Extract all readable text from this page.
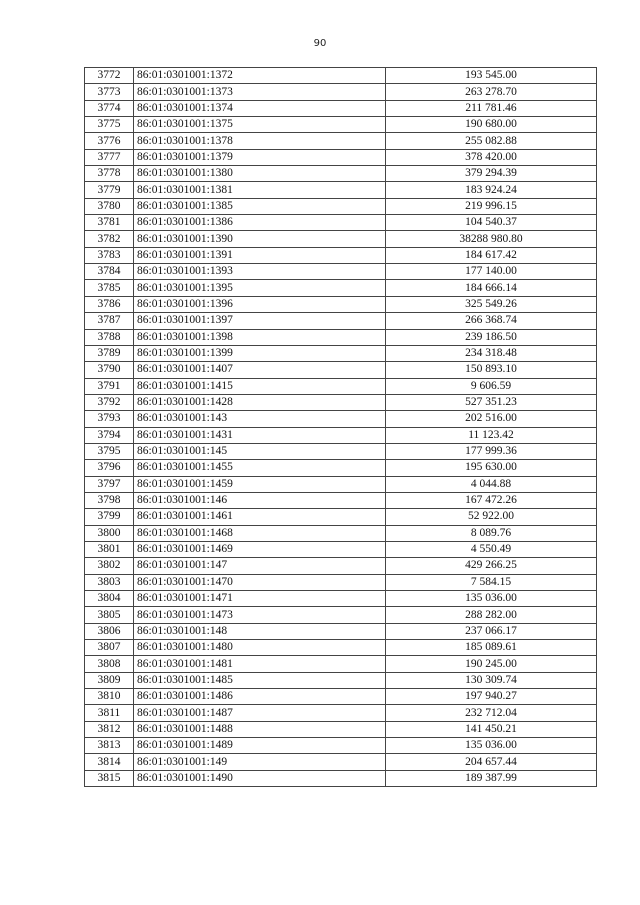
90
3772	86:01:0301001:1372	193 545.00
3773	86:01:0301001:1373	263 278.70
3774	86:01:0301001:1374	211 781.46
3775	86:01:0301001:1375	190 680.00
3776	86:01:0301001:1378	255 082.88
3777	86:01:0301001:1379	378 420.00
3778	86:01:0301001:1380	379 294.39
3779	86:01:0301001:1381	183 924.24
3780	86:01:0301001:1385	219 996.15
3781	86:01:0301001:1386	104 540.37
3782	86:01:0301001:1390	38288 980.80
3783	86:01:0301001:1391	184 617.42
3784	86:01:0301001:1393	177 140.00
3785	86:01:0301001:1395	184 666.14
3786	86:01:0301001:1396	325 549.26
3787	86:01:0301001:1397	266 368.74
3788	86:01:0301001:1398	239 186.50
3789	86:01:0301001:1399	234 318.48
3790	86:01:0301001:1407	150 893.10
3791	86:01:0301001:1415	9 606.59
3792	86:01:0301001:1428	527 351.23
3793	86:01:0301001:143	202 516.00
3794	86:01:0301001:1431	11 123.42
3795	86:01:0301001:145	177 999.36
3796	86:01:0301001:1455	195 630.00
3797	86:01:0301001:1459	4 044.88
3798	86:01:0301001:146	167 472.26
3799	86:01:0301001:1461	52 922.00
3800	86:01:0301001:1468	8 089.76
3801	86:01:0301001:1469	4 550.49
3802	86:01:0301001:147	429 266.25
3803	86:01:0301001:1470	7 584.15
3804	86:01:0301001:1471	135 036.00
3805	86:01:0301001:1473	288 282.00
3806	86:01:0301001:148	237 066.17
3807	86:01:0301001:1480	185 089.61
3808	86:01:0301001:1481	190 245.00
3809	86:01:0301001:1485	130 309.74
3810	86:01:0301001:1486	197 940.27
3811	86:01:0301001:1487	232 712.04
3812	86:01:0301001:1488	141 450.21
3813	86:01:0301001:1489	135 036.00
3814	86:01:0301001:149	204 657.44
3815	86:01:0301001:1490	189 387.99
